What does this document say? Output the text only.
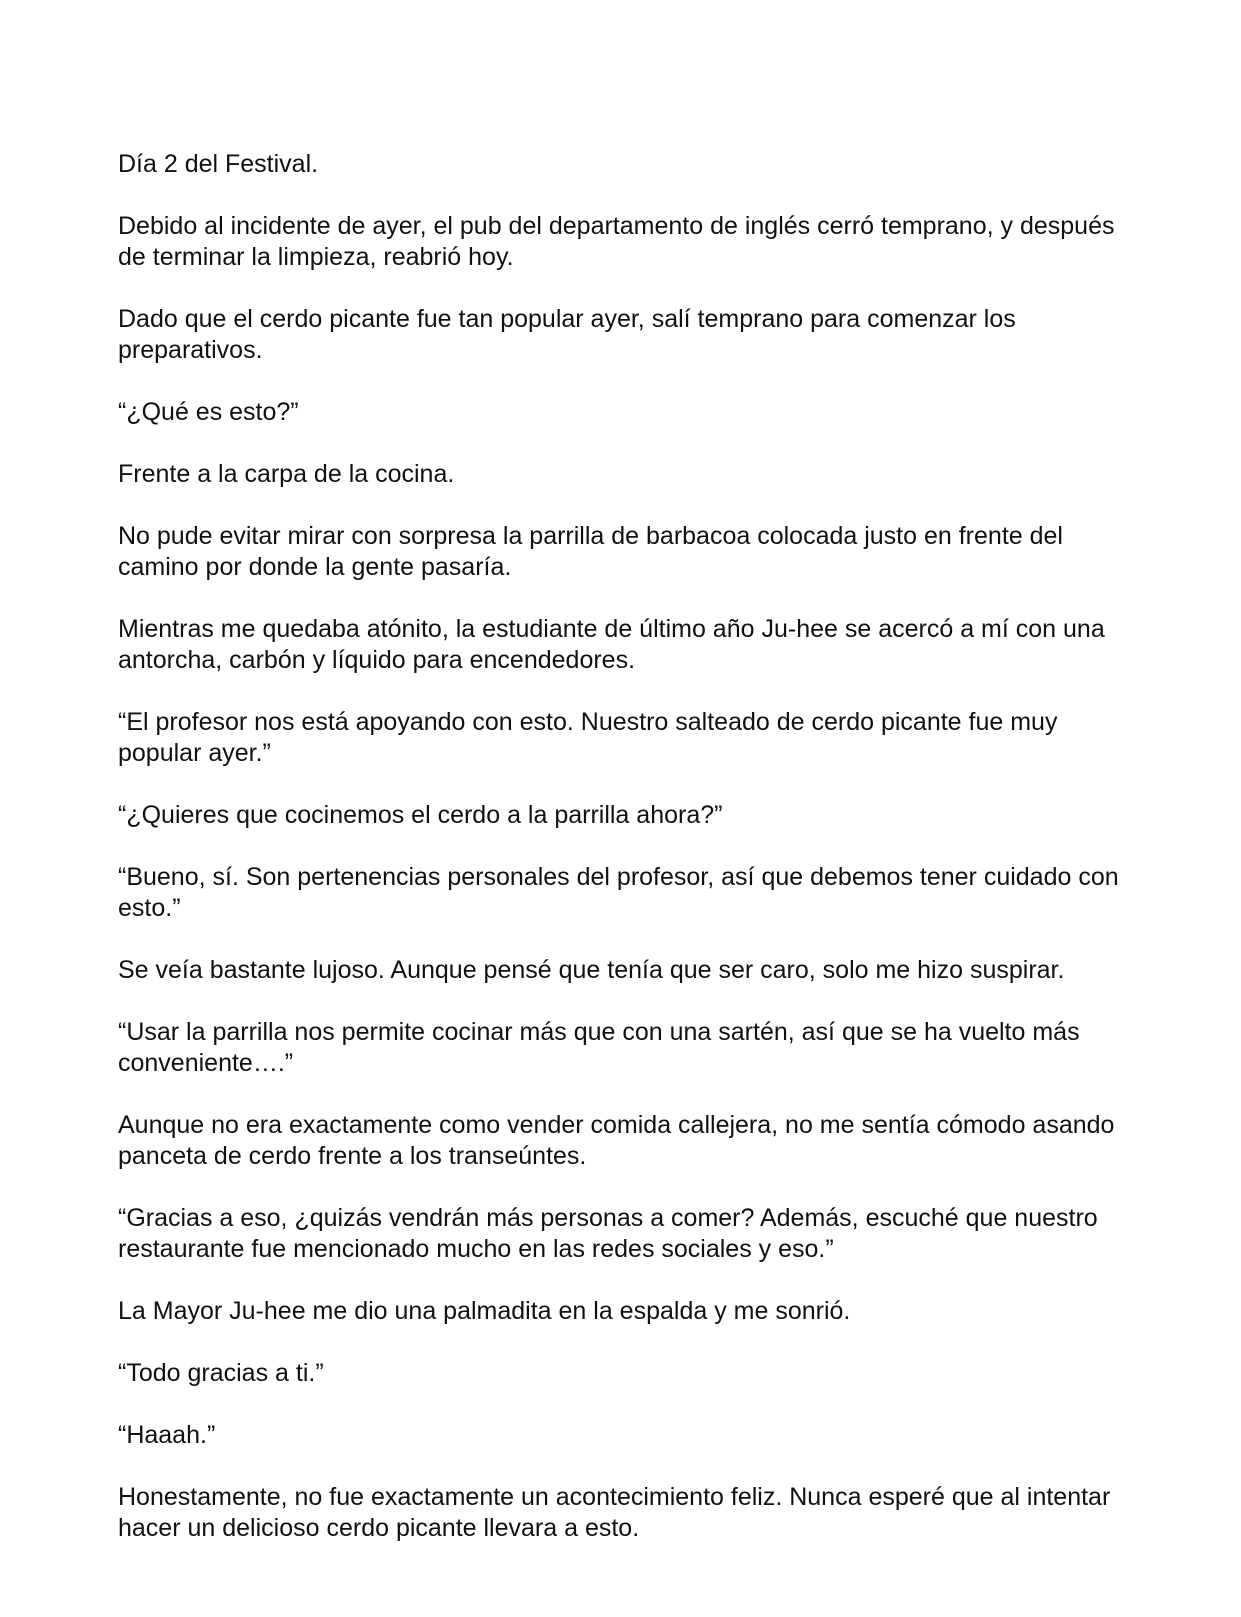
Día 2 del Festival.

Debido al incidente de ayer, el pub del departamento de inglés cerró temprano, y después de terminar la limpieza, reabrió hoy.

Dado que el cerdo picante fue tan popular ayer, salí temprano para comenzar los preparativos.

“¿Qué es esto?”

Frente a la carpa de la cocina.

No pude evitar mirar con sorpresa la parrilla de barbacoa colocada justo en frente del camino por donde la gente pasaría.

Mientras me quedaba atónito, la estudiante de último año Ju-hee se acercó a mí con una antorcha, carbón y líquido para encendedores.

“El profesor nos está apoyando con esto. Nuestro salteado de cerdo picante fue muy popular ayer.”

“¿Quieres que cocinemos el cerdo a la parrilla ahora?”

“Bueno, sí. Son pertenencias personales del profesor, así que debemos tener cuidado con esto.”

Se veía bastante lujoso. Aunque pensé que tenía que ser caro, solo me hizo suspirar.

“Usar la parrilla nos permite cocinar más que con una sartén, así que se ha vuelto más conveniente….”

Aunque no era exactamente como vender comida callejera, no me sentía cómodo asando panceta de cerdo frente a los transeúntes.

“Gracias a eso, ¿quizás vendrán más personas a comer? Además, escuché que nuestro restaurante fue mencionado mucho en las redes sociales y eso.”

La Mayor Ju-hee me dio una palmadita en la espalda y me sonrió.

“Todo gracias a ti.”

“Haaah.”

Honestamente, no fue exactamente un acontecimiento feliz. Nunca esperé que al intentar hacer un delicioso cerdo picante llevara a esto.
